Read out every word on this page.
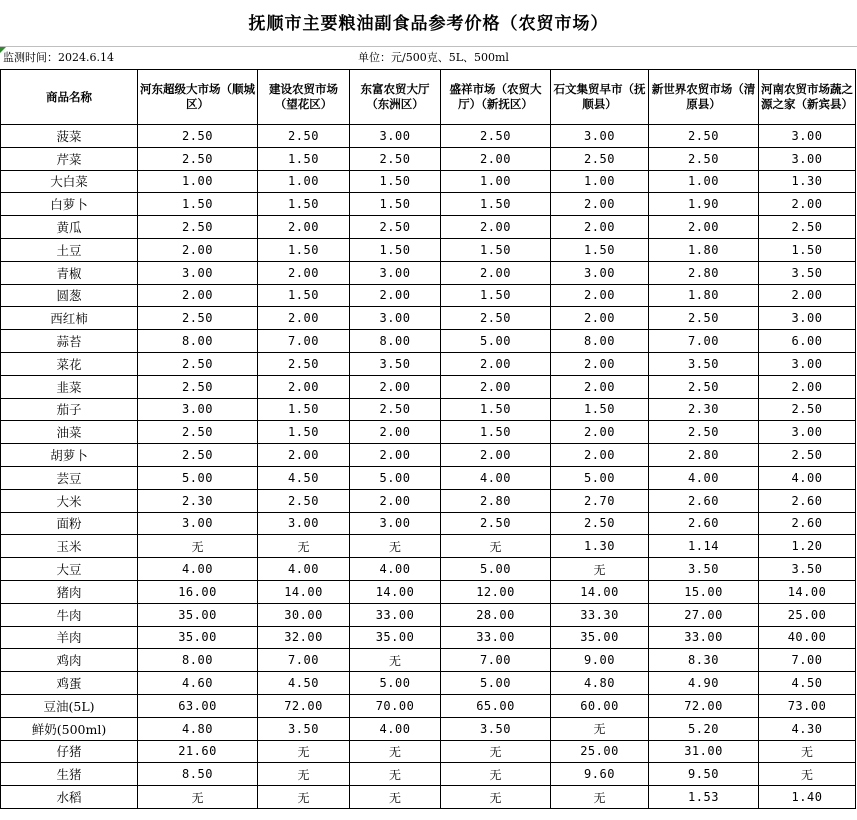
抚顺市主要粮油副食品参考价格（农贸市场）
监测时间：2024.6.14	单位：元/500克、5L、500ml
商品名称	河东超级大市场（顺城区）	建设农贸市场（望花区）	东富农贸大厅（东洲区）	盛祥市场（农贸大厅）（新抚区）	石文集贸早市（抚顺县）	新世界农贸市场（清原县）	河南农贸市场蔬之源之家（新宾县）
菠菜	2.50	2.50	3.00	2.50	3.00	2.50	3.00
芹菜	2.50	1.50	2.50	2.00	2.50	2.50	3.00
大白菜	1.00	1.00	1.50	1.00	1.00	1.00	1.30
白萝卜	1.50	1.50	1.50	1.50	2.00	1.90	2.00
黄瓜	2.50	2.00	2.50	2.00	2.00	2.00	2.50
土豆	2.00	1.50	1.50	1.50	1.50	1.80	1.50
青椒	3.00	2.00	3.00	2.00	3.00	2.80	3.50
圆葱	2.00	1.50	2.00	1.50	2.00	1.80	2.00
西红柿	2.50	2.00	3.00	2.50	2.00	2.50	3.00
蒜苔	8.00	7.00	8.00	5.00	8.00	7.00	6.00
菜花	2.50	2.50	3.50	2.00	2.00	3.50	3.00
韭菜	2.50	2.00	2.00	2.00	2.00	2.50	2.00
茄子	3.00	1.50	2.50	1.50	1.50	2.30	2.50
油菜	2.50	1.50	2.00	1.50	2.00	2.50	3.00
胡萝卜	2.50	2.00	2.00	2.00	2.00	2.80	2.50
芸豆	5.00	4.50	5.00	4.00	5.00	4.00	4.00
大米	2.30	2.50	2.00	2.80	2.70	2.60	2.60
面粉	3.00	3.00	3.00	2.50	2.50	2.60	2.60
玉米	无	无	无	无	1.30	1.14	1.20
大豆	4.00	4.00	4.00	5.00	无	3.50	3.50
猪肉	16.00	14.00	14.00	12.00	14.00	15.00	14.00
牛肉	35.00	30.00	33.00	28.00	33.30	27.00	25.00
羊肉	35.00	32.00	35.00	33.00	35.00	33.00	40.00
鸡肉	8.00	7.00	无	7.00	9.00	8.30	7.00
鸡蛋	4.60	4.50	5.00	5.00	4.80	4.90	4.50
豆油(5L)	63.00	72.00	70.00	65.00	60.00	72.00	73.00
鲜奶(500ml)	4.80	3.50	4.00	3.50	无	5.20	4.30
仔猪	21.60	无	无	无	25.00	31.00	无
生猪	8.50	无	无	无	9.60	9.50	无
水稻	无	无	无	无	无	1.53	1.40
